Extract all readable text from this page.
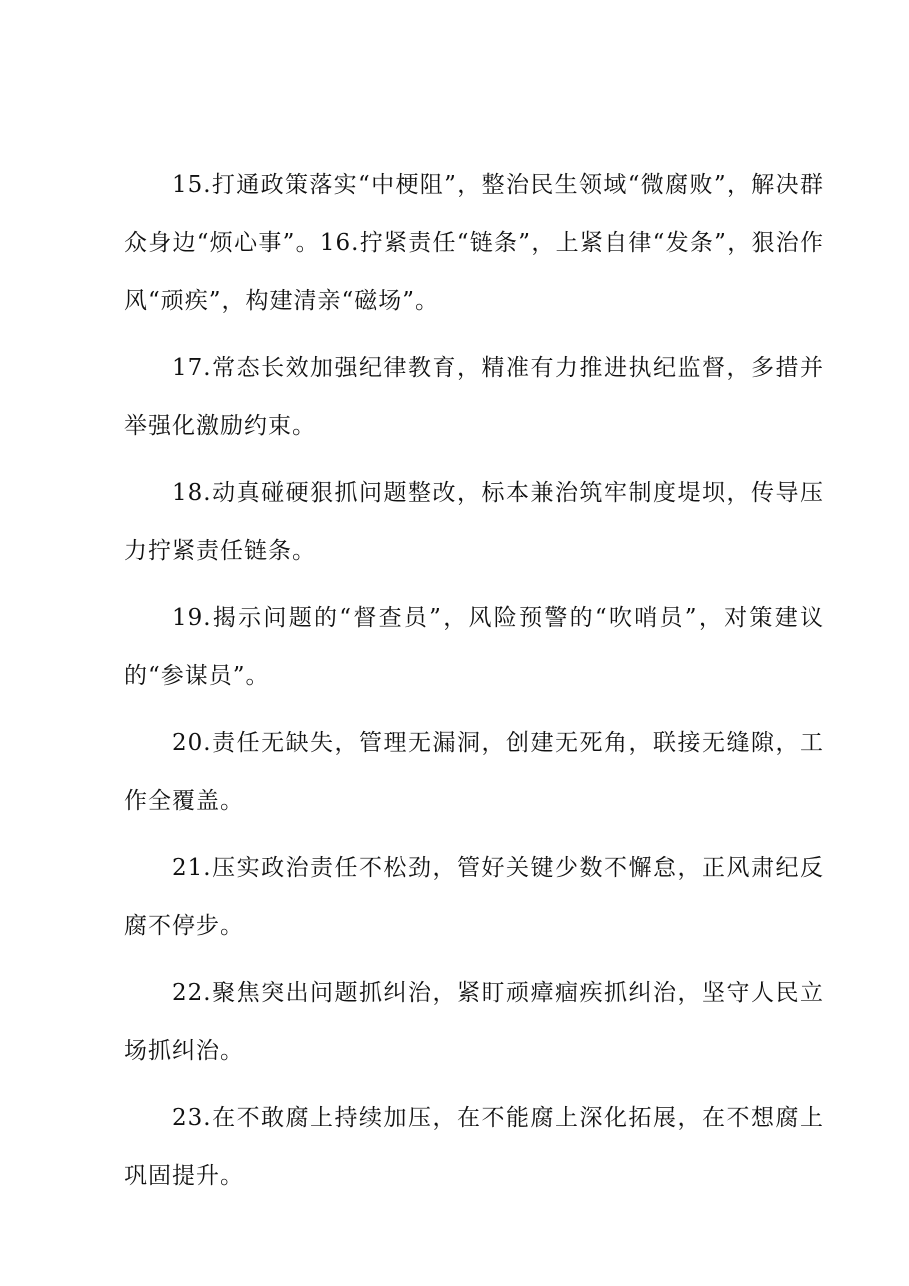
15.打通政策落实“中梗阻”，整治民生领域“微腐败”，解决群众身边“烦心事”。16.拧紧责任“链条”，上紧自律“发条”，狠治作风“顽疾”，构建清亲“磁场”。

17.常态长效加强纪律教育，精准有力推进执纪监督，多措并举强化激励约束。

18.动真碰硬狠抓问题整改，标本兼治筑牢制度堤坝，传导压力拧紧责任链条。

19.揭示问题的“督查员”，风险预警的“吹哨员”，对策建议的“参谋员”。

20.责任无缺失，管理无漏洞，创建无死角，联接无缝隙，工作全覆盖。

21.压实政治责任不松劲，管好关键少数不懈怠，正风肃纪反腐不停步。

22.聚焦突出问题抓纠治，紧盯顽瘴痼疾抓纠治，坚守人民立场抓纠治。

23.在不敢腐上持续加压，在不能腐上深化拓展，在不想腐上巩固提升。
